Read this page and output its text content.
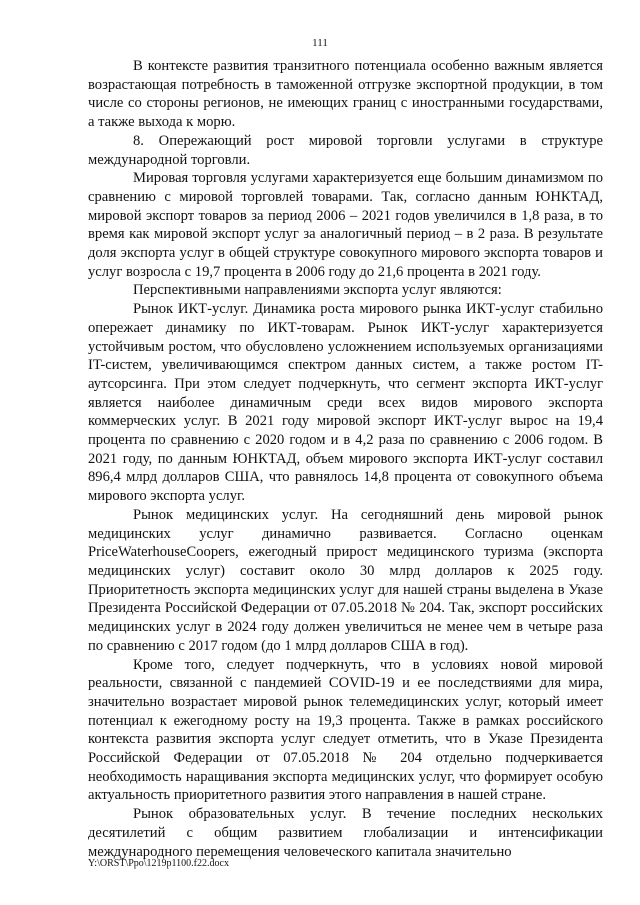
111

В контексте развития транзитного потенциала особенно важным является возрастающая потребность в таможенной отгрузке экспортной продукции, в том числе со стороны регионов, не имеющих границ с иностранными государствами, а также выхода к морю.

8. Опережающий рост мировой торговли услугами в структуре международной торговли.

Мировая торговля услугами характеризуется еще большим динамизмом по сравнению с мировой торговлей товарами. Так, согласно данным ЮНКТАД, мировой экспорт товаров за период 2006 – 2021 годов увеличился в 1,8 раза, в то время как мировой экспорт услуг за аналогичный период – в 2 раза. В результате доля экспорта услуг в общей структуре совокупного мирового экспорта товаров и услуг возросла с 19,7 процента в 2006 году до 21,6 процента в 2021 году.

Перспективными направлениями экспорта услуг являются:

Рынок ИКТ-услуг. Динамика роста мирового рынка ИКТ-услуг стабильно опережает динамику по ИКТ-товарам. Рынок ИКТ-услуг характеризуется устойчивым ростом, что обусловлено усложнением используемых организациями IT-систем, увеличивающимся спектром данных систем, а также ростом IT-аутсорсинга. При этом следует подчеркнуть, что сегмент экспорта ИКТ-услуг является наиболее динамичным среди всех видов мирового экспорта коммерческих услуг. В 2021 году мировой экспорт ИКТ-услуг вырос на 19,4 процента по сравнению с 2020 годом и в 4,2 раза по сравнению с 2006 годом. В 2021 году, по данным ЮНКТАД, объем мирового экспорта ИКТ-услуг составил 896,4 млрд долларов США, что равнялось 14,8 процента от совокупного объема мирового экспорта услуг.

Рынок медицинских услуг. На сегодняшний день мировой рынок медицинских услуг динамично развивается. Согласно оценкам PriceWaterhouseCoopers, ежегодный прирост медицинского туризма (экспорта медицинских услуг) составит около 30 млрд долларов к 2025 году. Приоритетность экспорта медицинских услуг для нашей страны выделена в Указе Президента Российской Федерации от 07.05.2018 № 204. Так, экспорт российских медицинских услуг в 2024 году должен увеличиться не менее чем в четыре раза по сравнению с 2017 годом (до 1 млрд долларов США в год).

Кроме того, следует подчеркнуть, что в условиях новой мировой реальности, связанной с пандемией COVID-19 и ее последствиями для мира, значительно возрастает мировой рынок телемедицинских услуг, который имеет потенциал к ежегодному росту на 19,3 процента. Также в рамках российского контекста развития экспорта услуг следует отметить, что в Указе Президента Российской Федерации от 07.05.2018 № 204 отдельно подчеркивается необходимость наращивания экспорта медицинских услуг, что формирует особую актуальность приоритетного развития этого направления в нашей стране.

Рынок образовательных услуг. В течение последних нескольких десятилетий с общим развитием глобализации и интенсификации международного перемещения человеческого капитала значительно

Y:\ORST\Ppo\1219p1100.f22.docx
